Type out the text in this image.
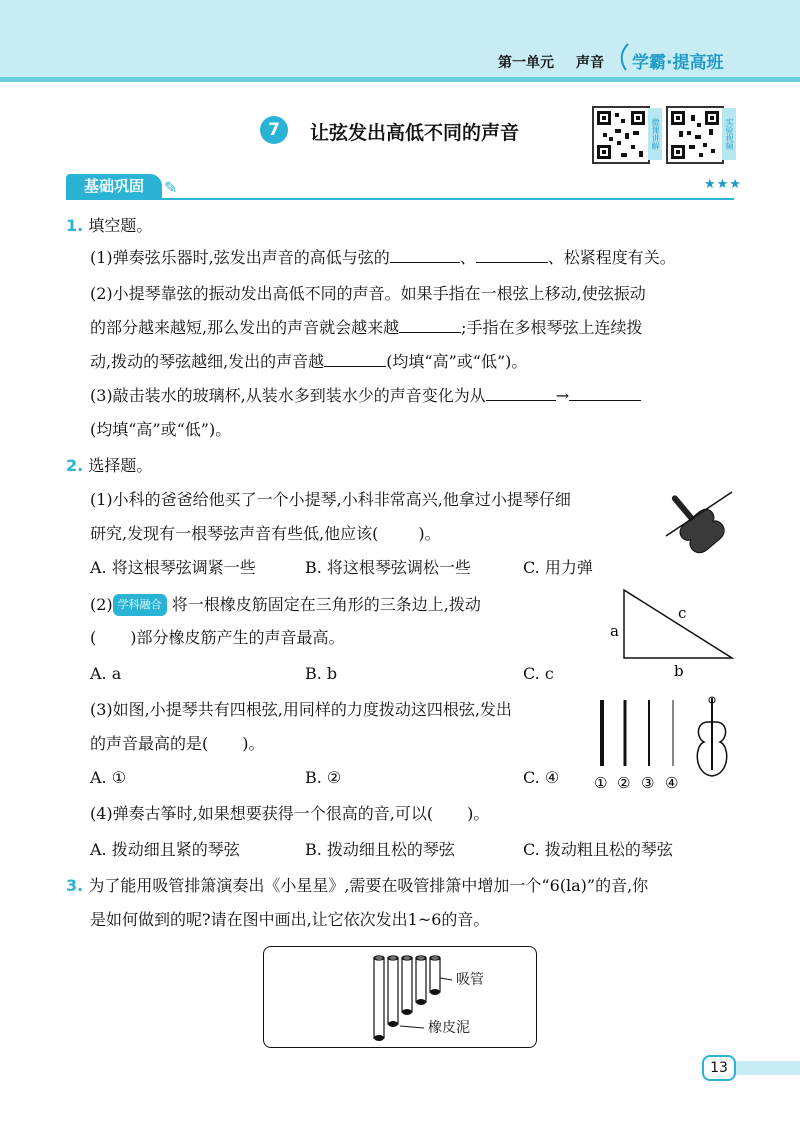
第一单元 声音 学霸·提高班
7	让弦发出高低不同的声音	微课讲解	实验视频
基础巩固	✎	★★★
1. 填空题。
(1)弹奏弦乐器时,弦发出声音的高低与弦的	、	、松紧程度有关。
(2)小提琴靠弦的振动发出高低不同的声音。如果手指在一根弦上移动,使弦振动
的部分越来越短,那么发出的声音就会越来越	;手指在多根琴弦上连续拨
动,拨动的琴弦越细,发出的声音越	(均填“高”或“低”)。
(3)敲击装水的玻璃杯,从装水多到装水少的声音变化为从	→
(均填“高”或“低”)。
2. 选择题。
(1)小科的爸爸给他买了一个小提琴,小科非常高兴,他拿过小提琴仔细
研究,发现有一根琴弦声音有些低,他应该(	)。
A. 将这根琴弦调紧一些	B. 将这根琴弦调松一些	C. 用力弹
(2) 学科融合 将一根橡皮筋固定在三角形的三条边上,拨动
( )部分橡皮筋产生的声音最高。
A. a	B. b	C. c
a
c
b
(3)如图,小提琴共有四根弦,用同样的力度拨动这四根弦,发出
的声音最高的是( )。
A. ①	B. ②	C. ④ ① ② ③ ④
(4)弹奏古筝时,如果想要获得一个很高的音,可以( )。
A. 拨动细且紧的琴弦	B. 拨动细且松的琴弦	C. 拨动粗且松的琴弦
3. 为了能用吸管排箫演奏出《小星星》,需要在吸管排箫中增加一个“6(la)”的音,你
是如何做到的呢?请在图中画出,让它依次发出1~6的音。
吸管
橡皮泥
13
